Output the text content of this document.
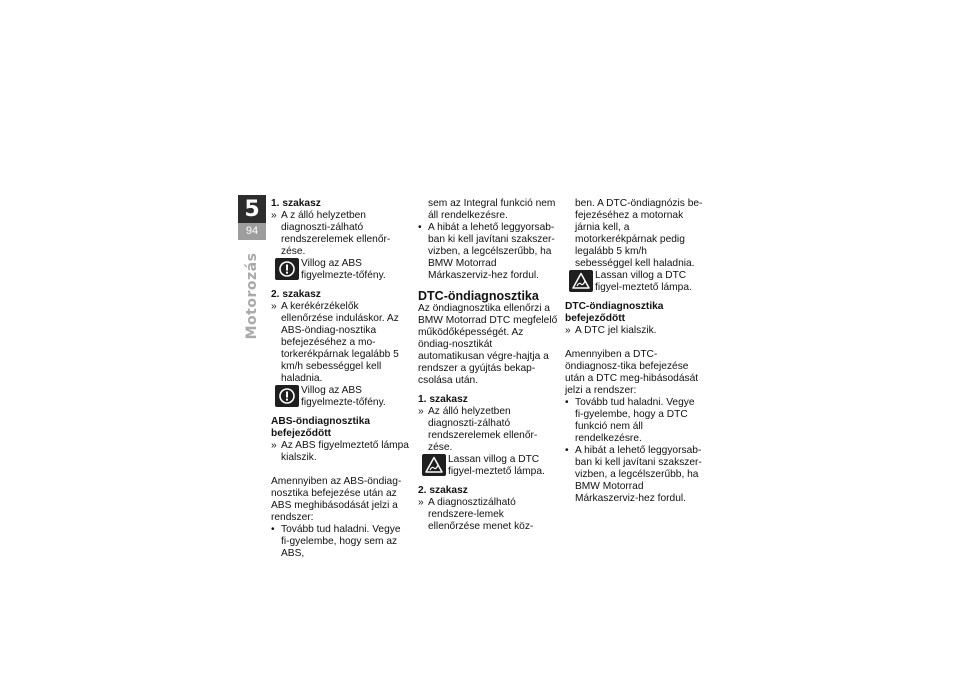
5
94
Motorozás

1. szakasz

» A z álló helyzetben diagnoszti-zálható rendszerelemek ellenőr-zése.

Villog az ABS figyelmezte-tőfény.

2. szakasz

» A kerékérzékelők ellenőrzése induláskor. Az ABS-öndiag-nosztika befejezéséhez a mo-torkerékpárnak legalább 5 km/h sebességgel kell haladnia.

Villog az ABS figyelmezte-tőfény.

ABS-öndiagnosztika befejeződött

» Az ABS figyelmeztető lámpa kialszik.

Amennyiben az ABS-öndiag-nosztika befejezése után az ABS meghibásodását jelzi a rendszer:

• Tovább tud haladni. Vegye fi-gyelembe, hogy sem az ABS,

sem az Integral funkció nem áll rendelkezésre.

• A hibát a lehető leggyorsab-ban ki kell javítani szakszer-vizben, a legcélszerűbb, ha BMW Motorrad Márkaszerviz-hez fordul.

DTC-öndiagnosztika

Az öndiagnosztika ellenőrzi a BMW Motorrad DTC megfelelő működőképességét. Az öndiag-nosztikát automatikusan végre-hajtja a rendszer a gyújtás bekap-csolása után.

1. szakasz

» Az álló helyzetben diagnoszti-zálható rendszerelemek ellenőr-zése.

Lassan villog a DTC figyel-meztető lámpa.

2. szakasz

» A diagnosztizálható rendszere-lemek ellenőrzése menet köz-

ben. A DTC-öndiagnózis be-fejezéséhez a motornak járnia kell, a motorkerékpárnak pedig legalább 5 km/h sebességgel kell haladnia.

Lassan villog a DTC figyel-meztető lámpa.

DTC-öndiagnosztika befejeződött

» A DTC jel kialszik.

Amennyiben a DTC-öndiagnosz-tika befejezése után a DTC meg-hibásodását jelzi a rendszer:

• Tovább tud haladni. Vegye fi-gyelembe, hogy a DTC funkció nem áll rendelkezésre.

• A hibát a lehető leggyorsab-ban ki kell javítani szakszer-vizben, a legcélszerűbb, ha BMW Motorrad Márkaszerviz-hez fordul.
